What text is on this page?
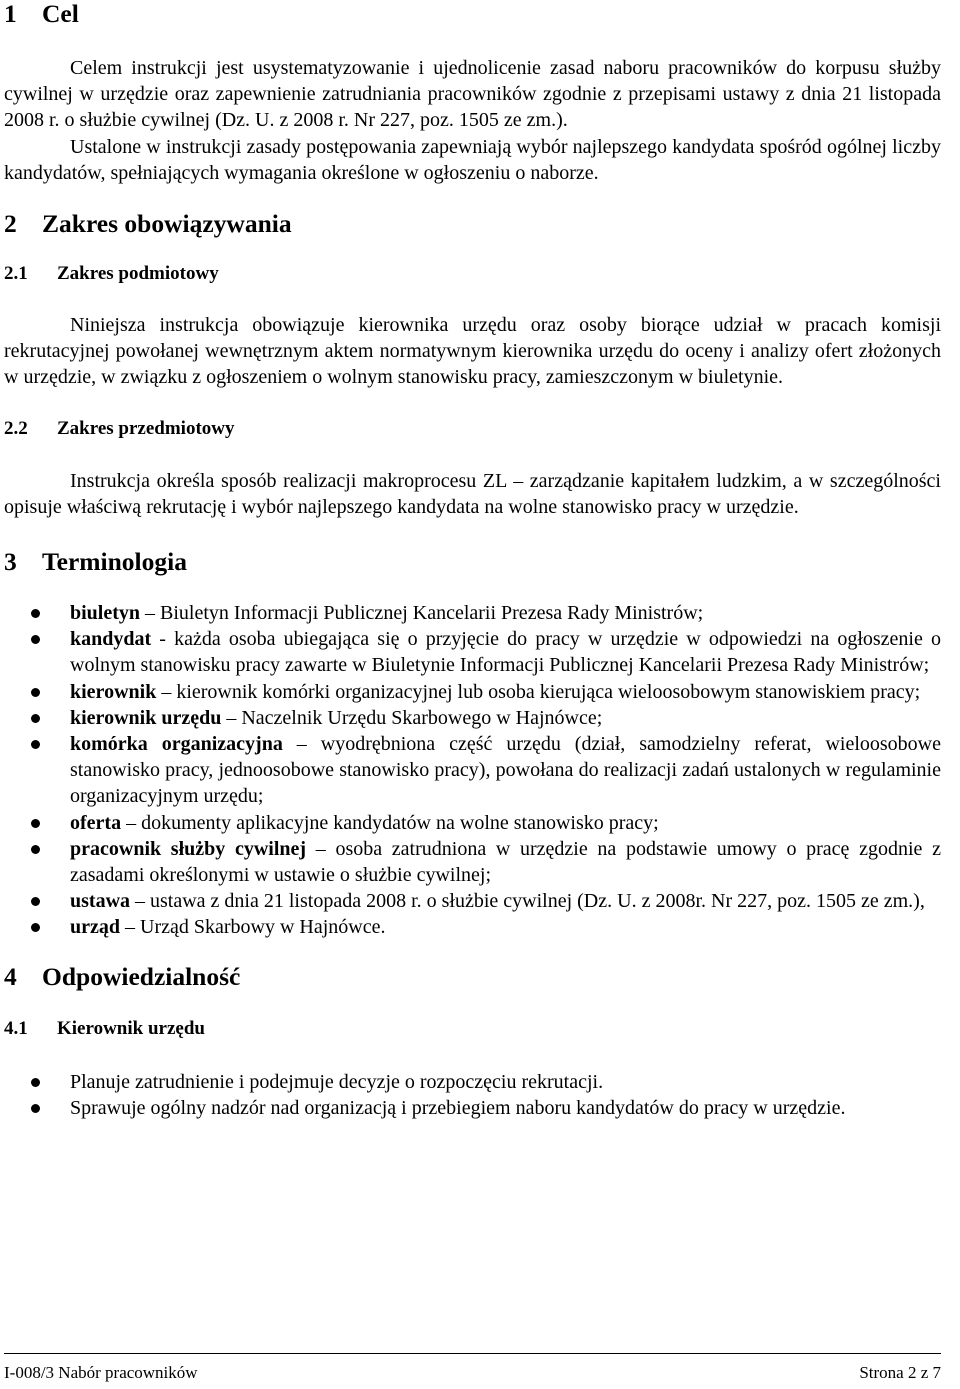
1 Cel

Celem instrukcji jest usystematyzowanie i ujednolicenie zasad naboru pracowników do korpusu służby cywilnej w urzędzie oraz zapewnienie zatrudniania pracowników zgodnie z przepisami ustawy z dnia 21 listopada 2008 r. o służbie cywilnej (Dz. U. z 2008 r. Nr 227, poz. 1505 ze zm.).

Ustalone w instrukcji zasady postępowania zapewniają wybór najlepszego kandydata spośród ogólnej liczby kandydatów, spełniających wymagania określone w ogłoszeniu o naborze.

2 Zakres obowiązywania
2.1	Zakres podmiotowy

Niniejsza instrukcja obowiązuje kierownika urzędu oraz osoby biorące udział w pracach komisji rekrutacyjnej powołanej wewnętrznym aktem normatywnym kierownika urzędu do oceny i analizy ofert złożonych w urzędzie, w związku z ogłoszeniem o wolnym stanowisku pracy, zamieszczonym w biuletynie.

2.2	Zakres przedmiotowy

Instrukcja określa sposób realizacji makroprocesu ZL – zarządzanie kapitałem ludzkim, a w szczególności opisuje właściwą rekrutację i wybór najlepszego kandydata na wolne stanowisko pracy w urzędzie.

3 Terminologia
biuletyn – Biuletyn Informacji Publicznej Kancelarii Prezesa Rady Ministrów;
kandydat - każda osoba ubiegająca się o przyjęcie do pracy w urzędzie w odpowiedzi na ogłoszenie o wolnym stanowisku pracy zawarte w Biuletynie Informacji Publicznej Kancelarii Prezesa Rady Ministrów;
kierownik – kierownik komórki organizacyjnej lub osoba kierująca wieloosobowym stanowiskiem pracy;
kierownik urzędu – Naczelnik Urzędu Skarbowego w Hajnówce;
komórka organizacyjna – wyodrębniona część urzędu (dział, samodzielny referat, wieloosobowe stanowisko pracy, jednoosobowe stanowisko pracy), powołana do realizacji zadań ustalonych w regulaminie organizacyjnym urzędu;
oferta – dokumenty aplikacyjne kandydatów na wolne stanowisko pracy;
pracownik służby cywilnej – osoba zatrudniona w urzędzie na podstawie umowy o pracę zgodnie z zasadami określonymi w ustawie o służbie cywilnej;
ustawa – ustawa z dnia 21 listopada 2008 r. o służbie cywilnej (Dz. U. z 2008r. Nr 227, poz. 1505 ze zm.),
urząd – Urząd Skarbowy w Hajnówce.
4 Odpowiedzialność
4.1	Kierownik urzędu
Planuje zatrudnienie i podejmuje decyzje o rozpoczęciu rekrutacji.
Sprawuje ogólny nadzór nad organizacją i przebiegiem naboru kandydatów do pracy w urzędzie.
I-008/3 Nabór pracowników	Strona 2 z 7
